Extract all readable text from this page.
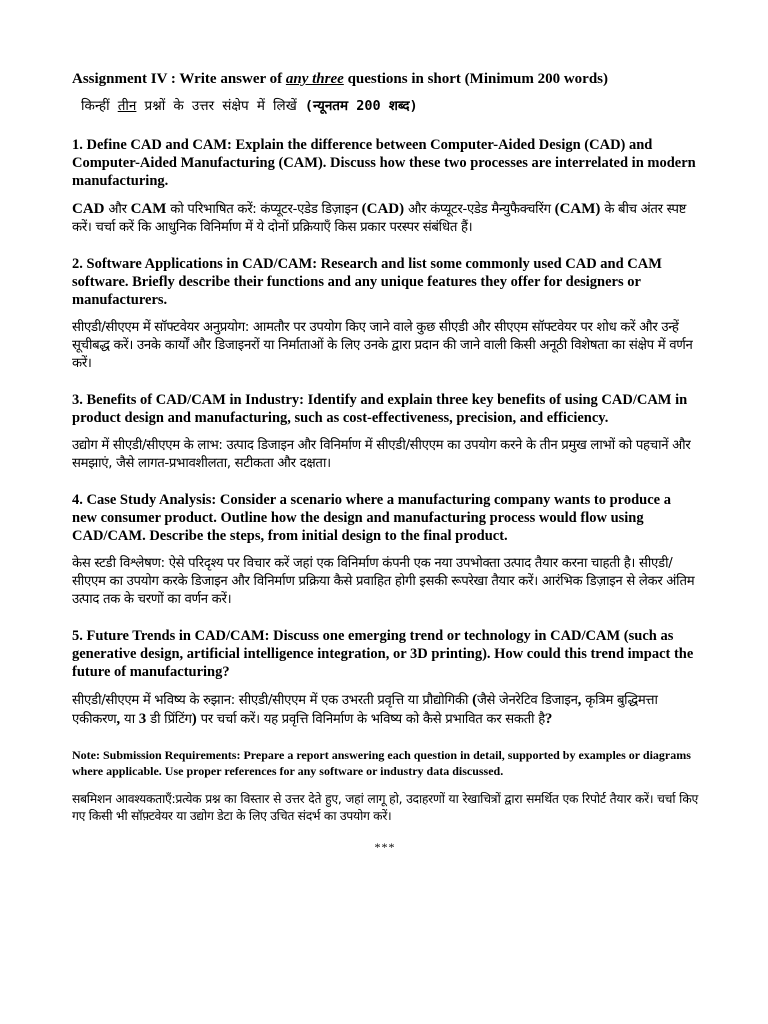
Assignment IV : Write answer of any three questions in short (Minimum 200 words)
किन्हीं तीन प्रश्नों के उत्तर संक्षेप में लिखें (न्यूनतम 200 शब्द)
1. Define CAD and CAM: Explain the difference between Computer-Aided Design (CAD) and Computer-Aided Manufacturing (CAM). Discuss how these two processes are interrelated in modern manufacturing.
CAD और CAM को परिभाषित करें: कंप्यूटर-एडेड डिज़ाइन (CAD) और कंप्यूटर-एडेड मैन्युफैक्चरिंग (CAM) के बीच अंतर स्पष्ट करें। चर्चा करें कि आधुनिक विनिर्माण में ये दोनों प्रक्रियाएँ किस प्रकार परस्पर संबंधित हैं।
2. Software Applications in CAD/CAM: Research and list some commonly used CAD and CAM software. Briefly describe their functions and any unique features they offer for designers or manufacturers.
सीएडी/सीएएम में सॉफ्टवेयर अनुप्रयोग: आमतौर पर उपयोग किए जाने वाले कुछ सीएडी और सीएएम सॉफ्टवेयर पर शोध करें और उन्हें सूचीबद्ध करें। उनके कार्यों और डिजाइनरों या निर्माताओं के लिए उनके द्वारा प्रदान की जाने वाली किसी अनूठी विशेषता का संक्षेप में वर्णन करें।
3. Benefits of CAD/CAM in Industry: Identify and explain three key benefits of using CAD/CAM in product design and manufacturing, such as cost-effectiveness, precision, and efficiency.
उद्योग में सीएडी/सीएएम के लाभ: उत्पाद डिजाइन और विनिर्माण में सीएडी/सीएएम का उपयोग करने के तीन प्रमुख लाभों को पहचानें और समझाएं, जैसे लागत-प्रभावशीलता, सटीकता और दक्षता।
4. Case Study Analysis: Consider a scenario where a manufacturing company wants to produce a new consumer product. Outline how the design and manufacturing process would flow using CAD/CAM. Describe the steps, from initial design to the final product.
केस स्टडी विश्लेषण: ऐसे परिदृश्य पर विचार करें जहां एक विनिर्माण कंपनी एक नया उपभोक्ता उत्पाद तैयार करना चाहती है। सीएडी/सीएएम का उपयोग करके डिजाइन और विनिर्माण प्रक्रिया कैसे प्रवाहित होगी इसकी रूपरेखा तैयार करें। आरंभिक डिज़ाइन से लेकर अंतिम उत्पाद तक के चरणों का वर्णन करें।
5. Future Trends in CAD/CAM: Discuss one emerging trend or technology in CAD/CAM (such as generative design, artificial intelligence integration, or 3D printing). How could this trend impact the future of manufacturing?
सीएडी/सीएएम में भविष्य के रुझान: सीएडी/सीएएम में एक उभरती प्रवृत्ति या प्रौद्योगिकी (जैसे जेनरेटिव डिजाइन, कृत्रिम बुद्धिमत्ता एकीकरण, या 3 डी प्रिंटिंग) पर चर्चा करें। यह प्रवृत्ति विनिर्माण के भविष्य को कैसे प्रभावित कर सकती है?
Note: Submission Requirements: Prepare a report answering each question in detail, supported by examples or diagrams where applicable. Use proper references for any software or industry data discussed.
सबमिशन आवश्यकताएँ:प्रत्येक प्रश्न का विस्तार से उत्तर देते हुए, जहां लागू हो, उदाहरणों या रेखाचित्रों द्वारा समर्थित एक रिपोर्ट तैयार करें। चर्चा किए गए किसी भी सॉफ़्टवेयर या उद्योग डेटा के लिए उचित संदर्भ का उपयोग करें।
***
